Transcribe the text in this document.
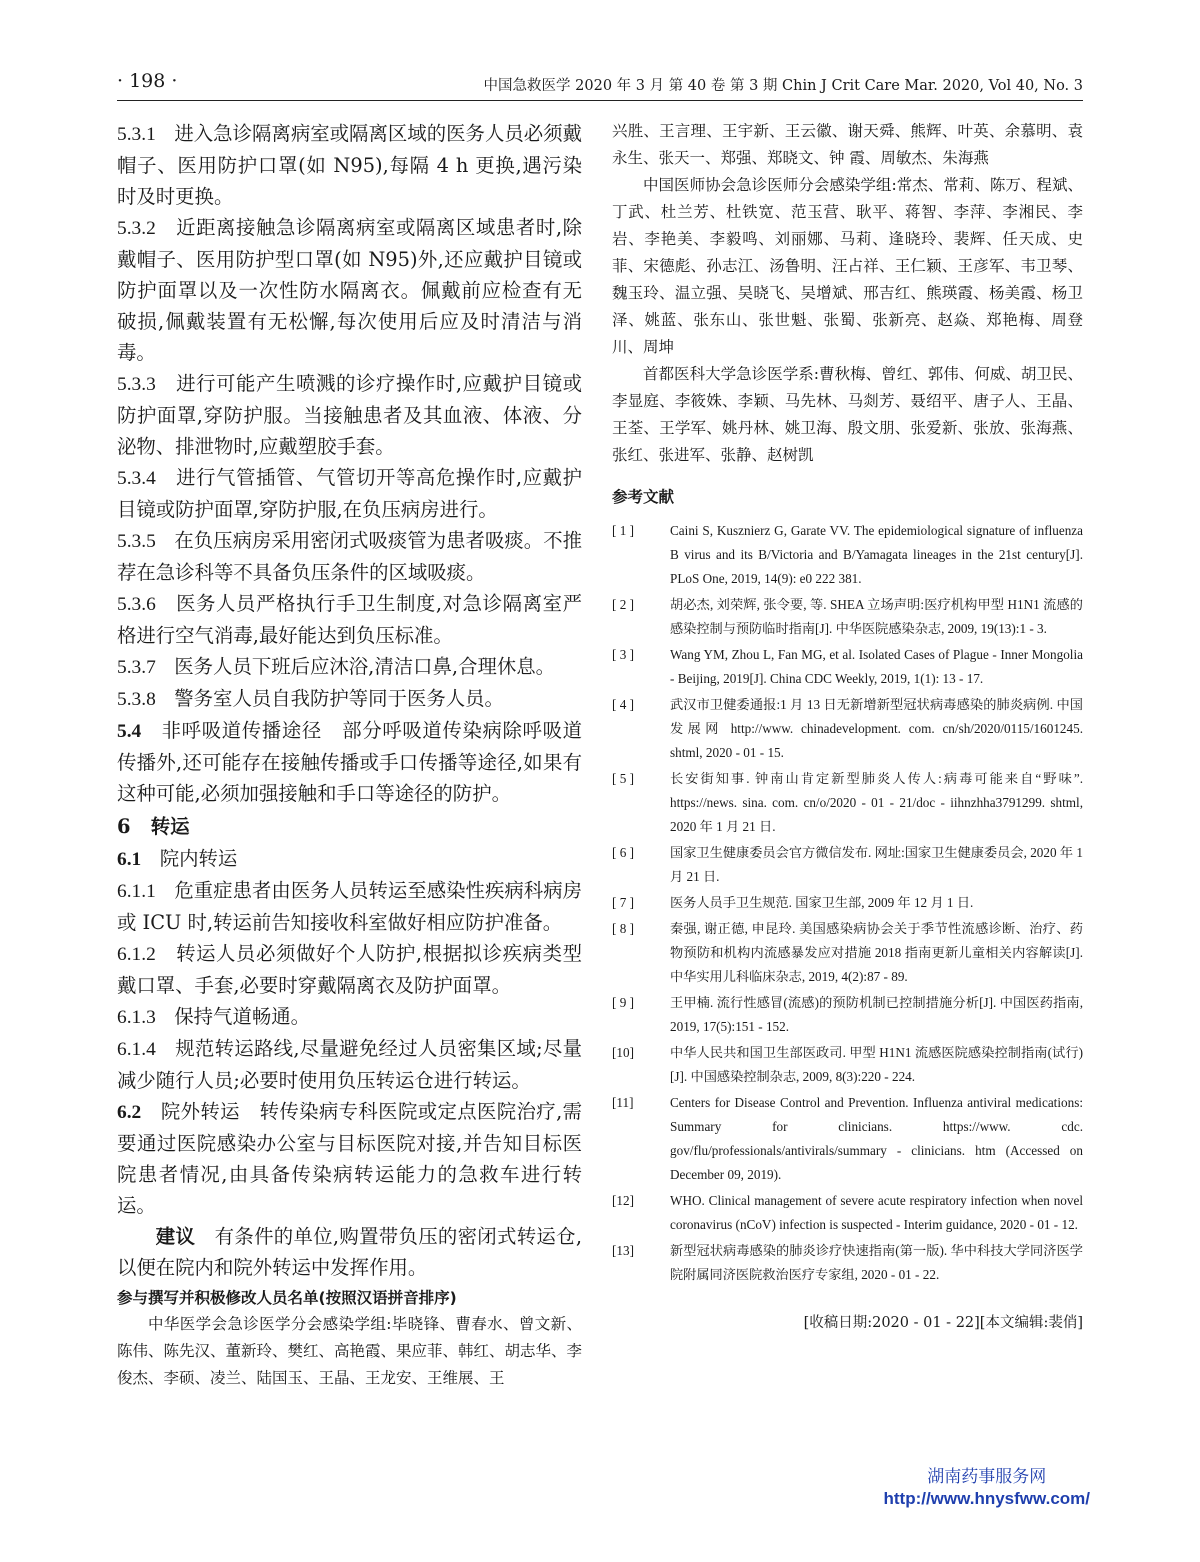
· 198 ·	中国急救医学 2020 年 3 月 第 40 卷 第 3 期 Chin J Crit Care Mar. 2020, Vol 40, No. 3

5.3.1 进入急诊隔离病室或隔离区域的医务人员必须戴帽子、医用防护口罩(如 N95),每隔 4 h 更换,遇污染时及时更换。

5.3.2 近距离接触急诊隔离病室或隔离区域患者时,除戴帽子、医用防护型口罩(如 N95)外,还应戴护目镜或防护面罩以及一次性防水隔离衣。佩戴前应检查有无破损,佩戴装置有无松懈,每次使用后应及时清洁与消毒。

5.3.3 进行可能产生喷溅的诊疗操作时,应戴护目镜或防护面罩,穿防护服。当接触患者及其血液、体液、分泌物、排泄物时,应戴塑胶手套。

5.3.4 进行气管插管、气管切开等高危操作时,应戴护目镜或防护面罩,穿防护服,在负压病房进行。

5.3.5 在负压病房采用密闭式吸痰管为患者吸痰。不推荐在急诊科等不具备负压条件的区域吸痰。

5.3.6 医务人员严格执行手卫生制度,对急诊隔离室严格进行空气消毒,最好能达到负压标准。

5.3.7 医务人员下班后应沐浴,清洁口鼻,合理休息。

5.3.8 警务室人员自我防护等同于医务人员。

5.4 非呼吸道传播途径 部分呼吸道传染病除呼吸道传播外,还可能存在接触传播或手口传播等途径,如果有这种可能,必须加强接触和手口等途径的防护。

6 转运

6.1 院内转运

6.1.1 危重症患者由医务人员转运至感染性疾病科病房或 ICU 时,转运前告知接收科室做好相应防护准备。

6.1.2 转运人员必须做好个人防护,根据拟诊疾病类型戴口罩、手套,必要时穿戴隔离衣及防护面罩。

6.1.3 保持气道畅通。

6.1.4 规范转运路线,尽量避免经过人员密集区域;尽量减少随行人员;必要时使用负压转运仓进行转运。

6.2 院外转运 转传染病专科医院或定点医院治疗,需要通过医院感染办公室与目标医院对接,并告知目标医院患者情况,由具备传染病转运能力的急救车进行转运。

建议 有条件的单位,购置带负压的密闭式转运仓,以便在院内和院外转运中发挥作用。

参与撰写并积极修改人员名单(按照汉语拼音排序)

中华医学会急诊医学分会感染学组:毕晓锋、曹春水、曾文新、陈伟、陈先汉、董新玲、樊红、高艳霞、果应菲、韩红、胡志华、李俊杰、李硕、凌兰、陆国玉、王晶、王龙安、王维展、王

兴胜、王言理、王宇新、王云徽、谢天舜、熊辉、叶英、余慕明、袁永生、张天一、郑强、郑晓文、钟 霞、周敏杰、朱海燕

中国医师协会急诊医师分会感染学组:常杰、常莉、陈万、程斌、丁武、杜兰芳、杜铁宽、范玉营、耿平、蒋智、李萍、李湘民、李岩、李艳美、李毅鸣、刘丽娜、马莉、逢晓玲、裴辉、任天成、史菲、宋德彪、孙志江、汤鲁明、汪占祥、王仁颖、王彦军、韦卫琴、魏玉玲、温立强、吴晓飞、吴增斌、邢吉红、熊瑛霞、杨美霞、杨卫泽、姚蓝、张东山、张世魁、张蜀、张新亮、赵焱、郑艳梅、周登川、周坤

首都医科大学急诊医学系:曹秋梅、曾红、郭伟、何威、胡卫民、李显庭、李筱姝、李颖、马先林、马剡芳、聂绍平、唐子人、王晶、王荃、王学军、姚丹林、姚卫海、殷文朋、张爱新、张放、张海燕、张红、张进军、张静、赵树凯

参考文献

[ 1 ]	Caini S, Kusznierz G, Garate VV. The epidemiological signature of influenza B virus and its B/Victoria and B/Yamagata lineages in the 21st century[J]. PLoS One, 2019, 14(9): e0 222 381.
[ 2 ]	胡必杰, 刘荣辉, 张令要, 等. SHEA 立场声明:医疗机构甲型 H1N1 流感的感染控制与预防临时指南[J]. 中华医院感染杂志, 2009, 19(13):1 - 3.
[ 3 ]	Wang YM, Zhou L, Fan MG, et al. Isolated Cases of Plague - Inner Mongolia - Beijing, 2019[J]. China CDC Weekly, 2019, 1(1): 13 - 17.
[ 4 ]	武汉市卫健委通报:1 月 13 日无新增新型冠状病毒感染的肺炎病例. 中国发展网 http://www. chinadevelopment. com. cn/sh/2020/0115/1601245. shtml, 2020 - 01 - 15.
[ 5 ]	长安街知事. 钟南山肯定新型肺炎人传人:病毒可能来自“野味”. https://news. sina. com. cn/o/2020 - 01 - 21/doc - iihnzhha3791299. shtml, 2020 年 1 月 21 日.
[ 6 ]	国家卫生健康委员会官方微信发布. 网址:国家卫生健康委员会, 2020 年 1 月 21 日.
[ 7 ]	医务人员手卫生规范. 国家卫生部, 2009 年 12 月 1 日.
[ 8 ]	秦强, 谢正德, 申昆玲. 美国感染病协会关于季节性流感诊断、治疗、药物预防和机构内流感暴发应对措施 2018 指南更新儿童相关内容解读[J]. 中华实用儿科临床杂志, 2019, 4(2):87 - 89.
[ 9 ]	王甲楠. 流行性感冒(流感)的预防机制已控制措施分析[J]. 中国医药指南, 2019, 17(5):151 - 152.
[10]	中华人民共和国卫生部医政司. 甲型 H1N1 流感医院感染控制指南(试行)[J]. 中国感染控制杂志, 2009, 8(3):220 - 224.
[11]	Centers for Disease Control and Prevention. Influenza antiviral medications: Summary for clinicians. https://www. cdc. gov/flu/professionals/antivirals/summary - clinicians. htm (Accessed on December 09, 2019).
[12]	WHO. Clinical management of severe acute respiratory infection when novel coronavirus (nCoV) infection is suspected - Interim guidance, 2020 - 01 - 12.
[13]	新型冠状病毒感染的肺炎诊疗快速指南(第一版). 华中科技大学同济医学院附属同济医院救治医疗专家组, 2020 - 01 - 22.
[收稿日期:2020 - 01 - 22][本文编辑:裴俏]
湖南药事服务网
http://www.hnysfww.com/
